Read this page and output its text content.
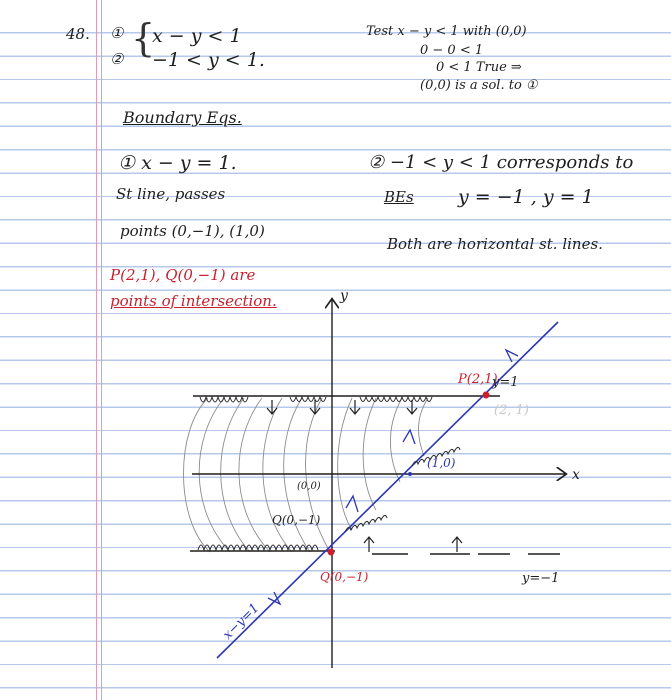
48. ① {
x − y < 1
② −1 < y < 1.
Test x − y < 1 with (0,0)
0 − 0 < 1
0 < 1 True ⇒
(0,0) is a sol. to ①
Boundary Eqs.
① x − y = 1.
St line, passes
points (0,−1), (1,0)
② −1 < y < 1 corresponds to
BEs y = −1 , y = 1
Both are horizontal st. lines.
P(2,1), Q(0,−1) are
points of intersection.	y
x
(0,0)
(1,0)
P(2,1)
y=1
(2, 1)
Q(0,−1)
Q(0,−1)	y=−1
x−y=1
